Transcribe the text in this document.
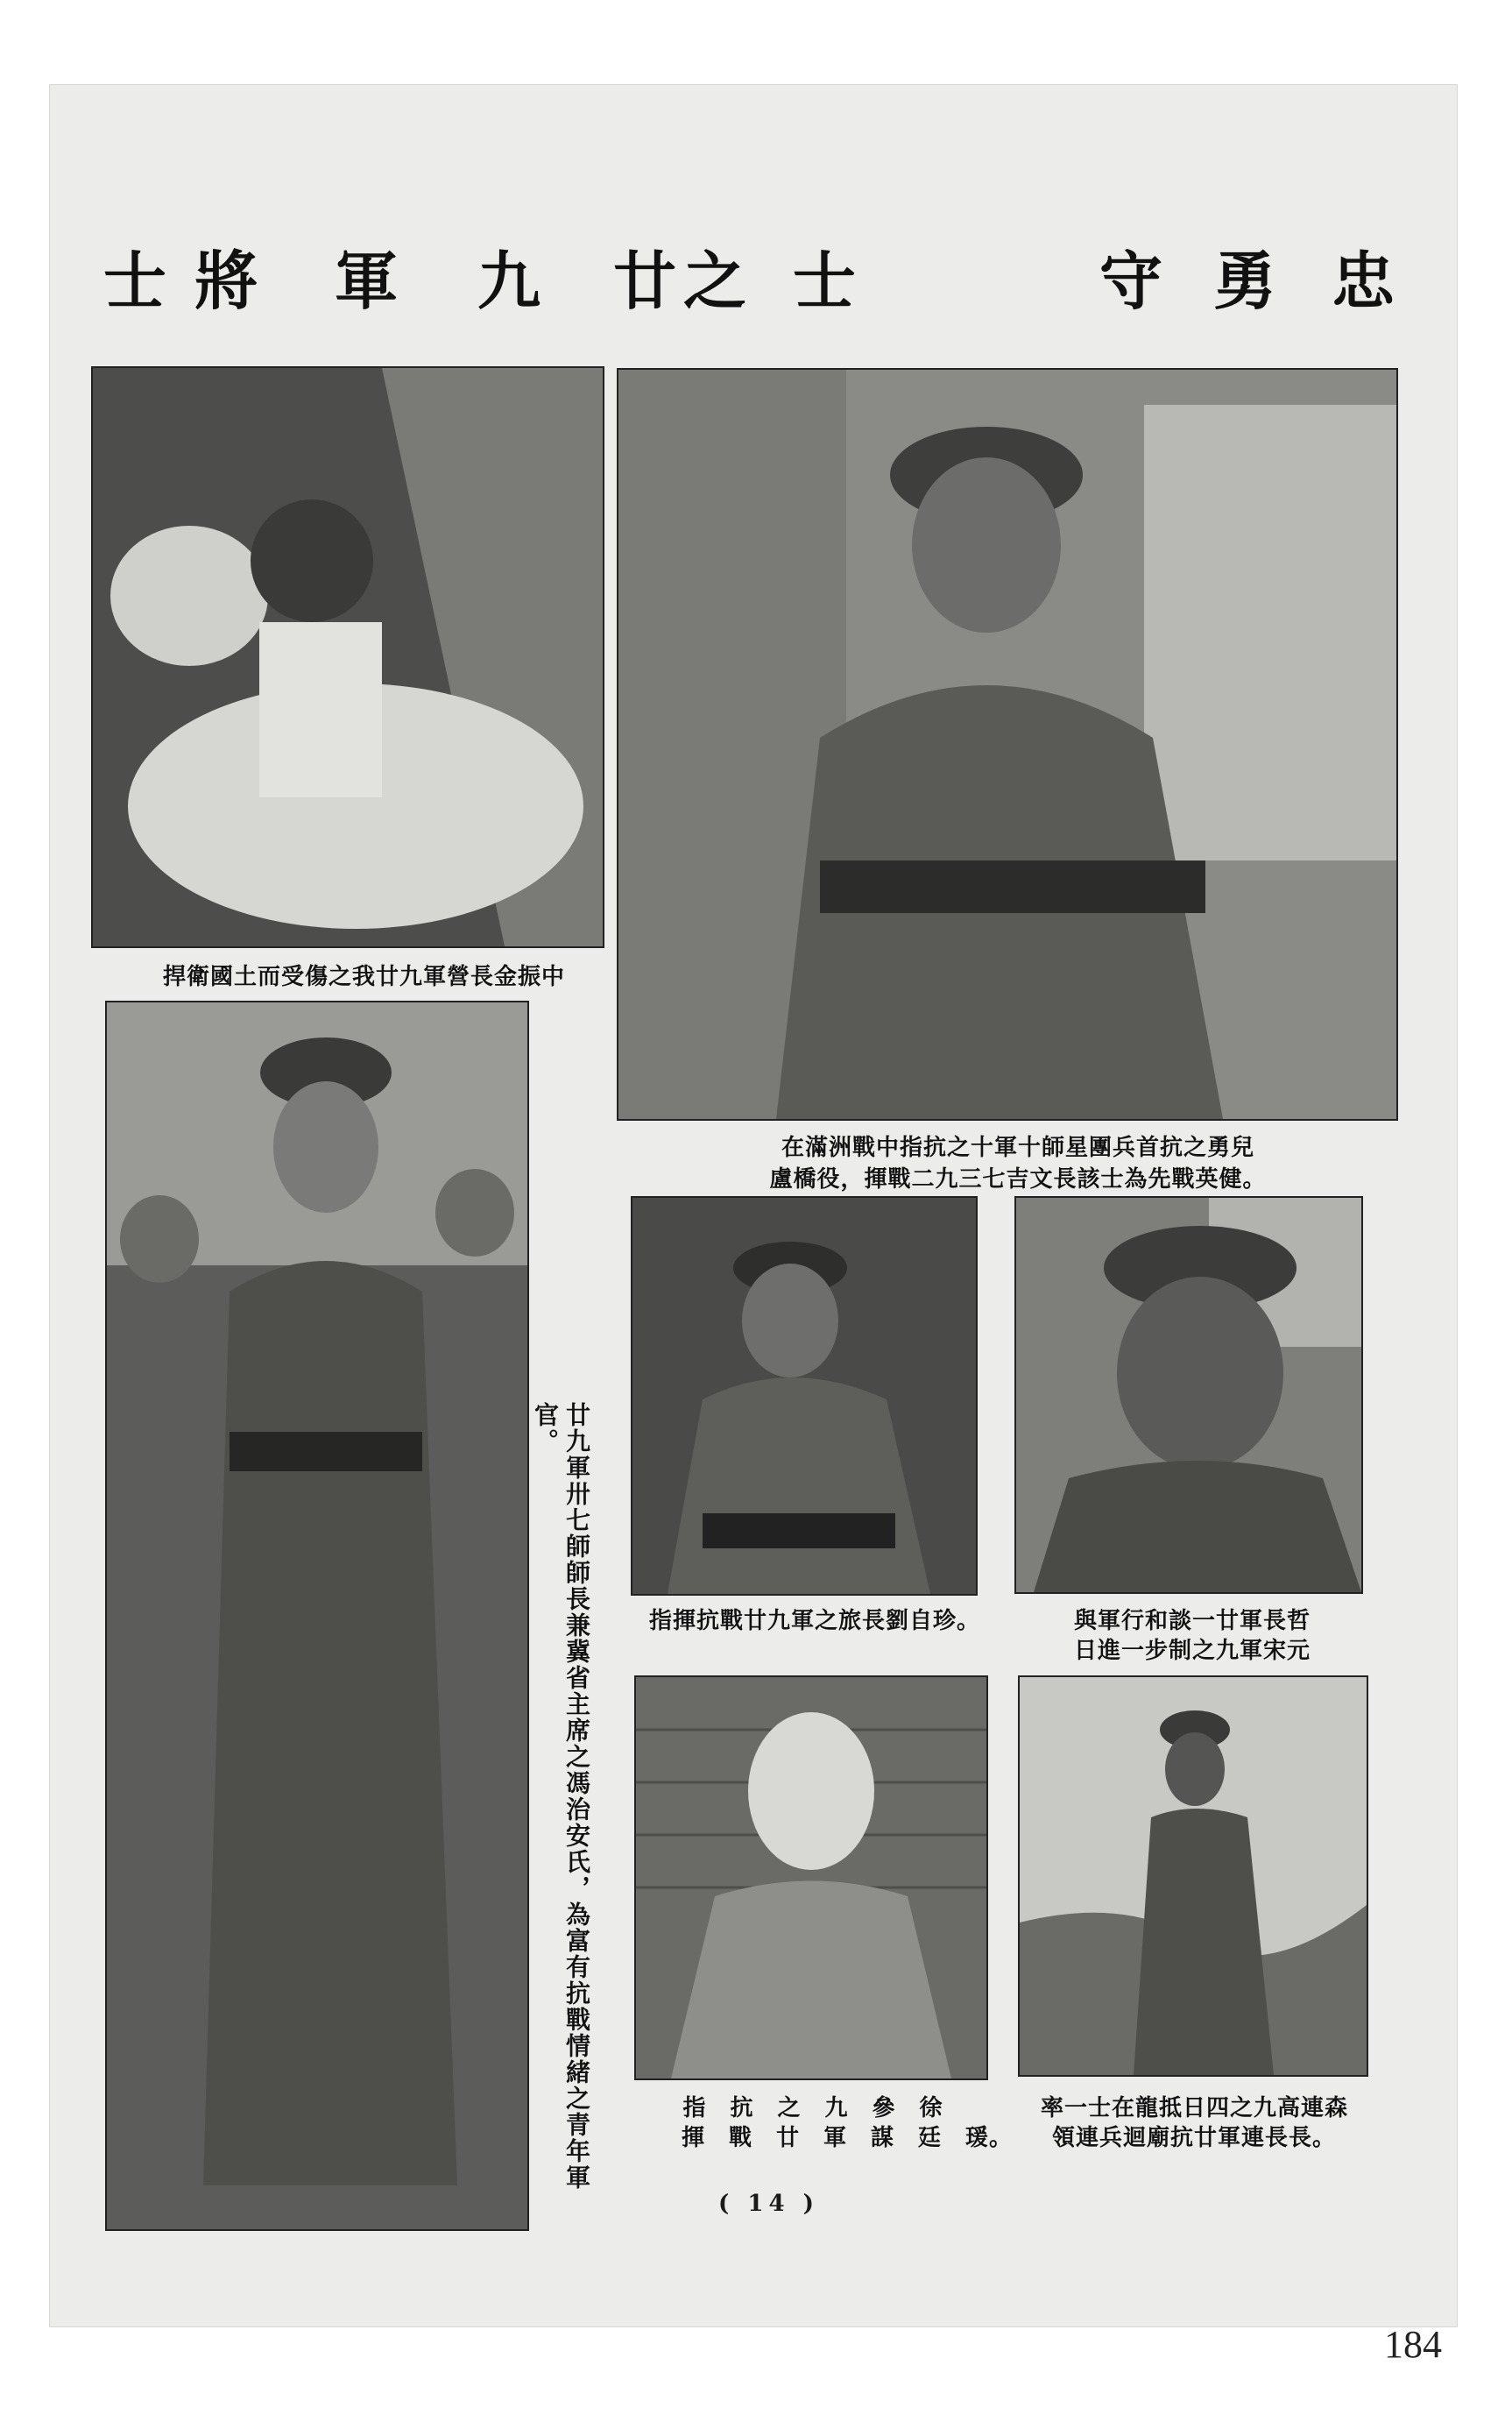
士 將 軍 九 廿 之 士	守 勇 忠
捍衛國土而受傷之我廿九軍營長金振中
在滿洲戰中指抗之十軍十師星團兵首抗之勇兒
盧橋役，揮戰二九三七吉文長該士為先戰英健。
廿九軍卅七師師長兼冀省主席之馮治安氏，為富有抗戰情緒之青年軍官。
指揮抗戰廿九軍之旅長劉自珍。	與軍行和談一廿軍長哲
日進一步制之九軍宋元
指　抗　之　九　參　徐
揮　戰　廿　軍　謀　廷　瑗。
率一士在龍抵日四之九高連森
領連兵迴廟抗廿軍連長長。
( 14 )
184
